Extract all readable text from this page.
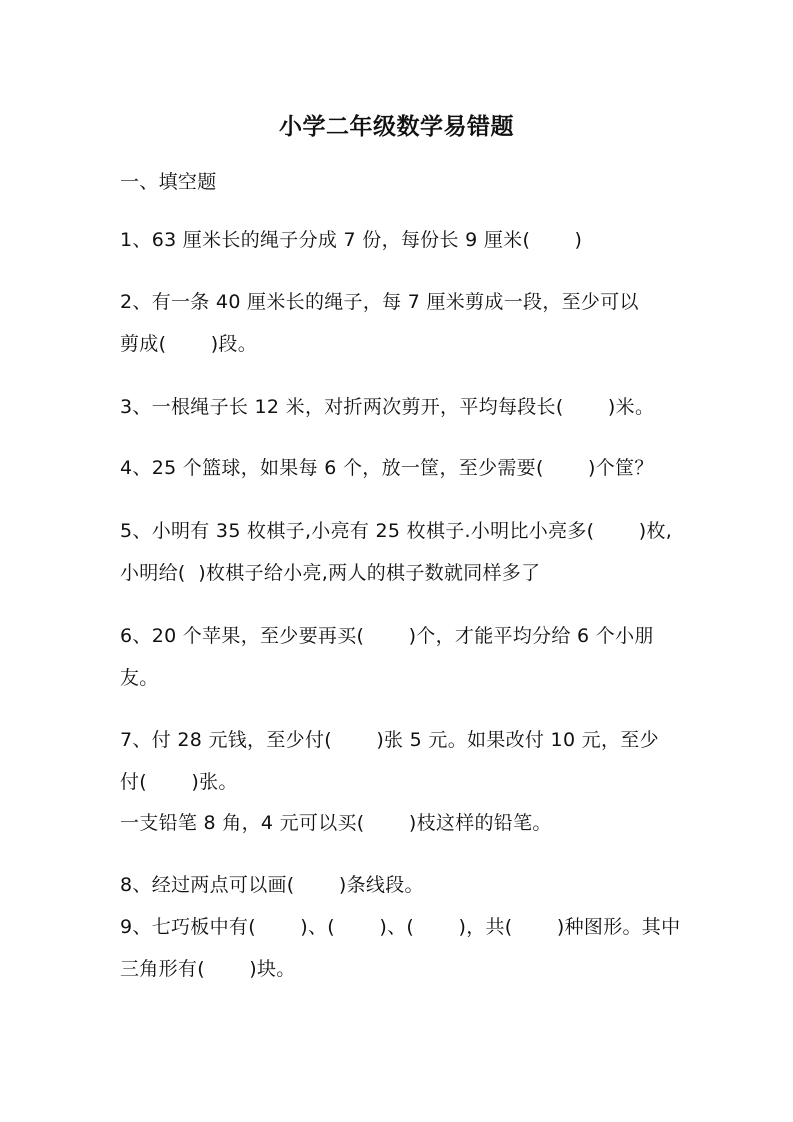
小学二年级数学易错题
一、填空题
1、63 厘米长的绳子分成 7 份，每份长 9 厘米(       )
2、有一条 40 厘米长的绳子，每 7 厘米剪成一段，至少可以
剪成(       )段。
3、一根绳子长 12 米，对折两次剪开，平均每段长(       )米。
4、25 个篮球，如果每 6 个，放一筐，至少需要(       )个筐？
5、小明有 35 枚棋子,小亮有 25 枚棋子.小明比小亮多(       )枚,
小明给(  )枚棋子给小亮,两人的棋子数就同样多了
6、20 个苹果，至少要再买(       )个，才能平均分给 6 个小朋
友。
7、付 28 元钱，至少付(       )张 5 元。如果改付 10 元，至少
付(       )张。
一支铅笔 8 角，4 元可以买(       )枝这样的铅笔。
8、经过两点可以画(       )条线段。
9、七巧板中有(       )、(       )、(       )，共(       )种图形。其中
三角形有(       )块。
